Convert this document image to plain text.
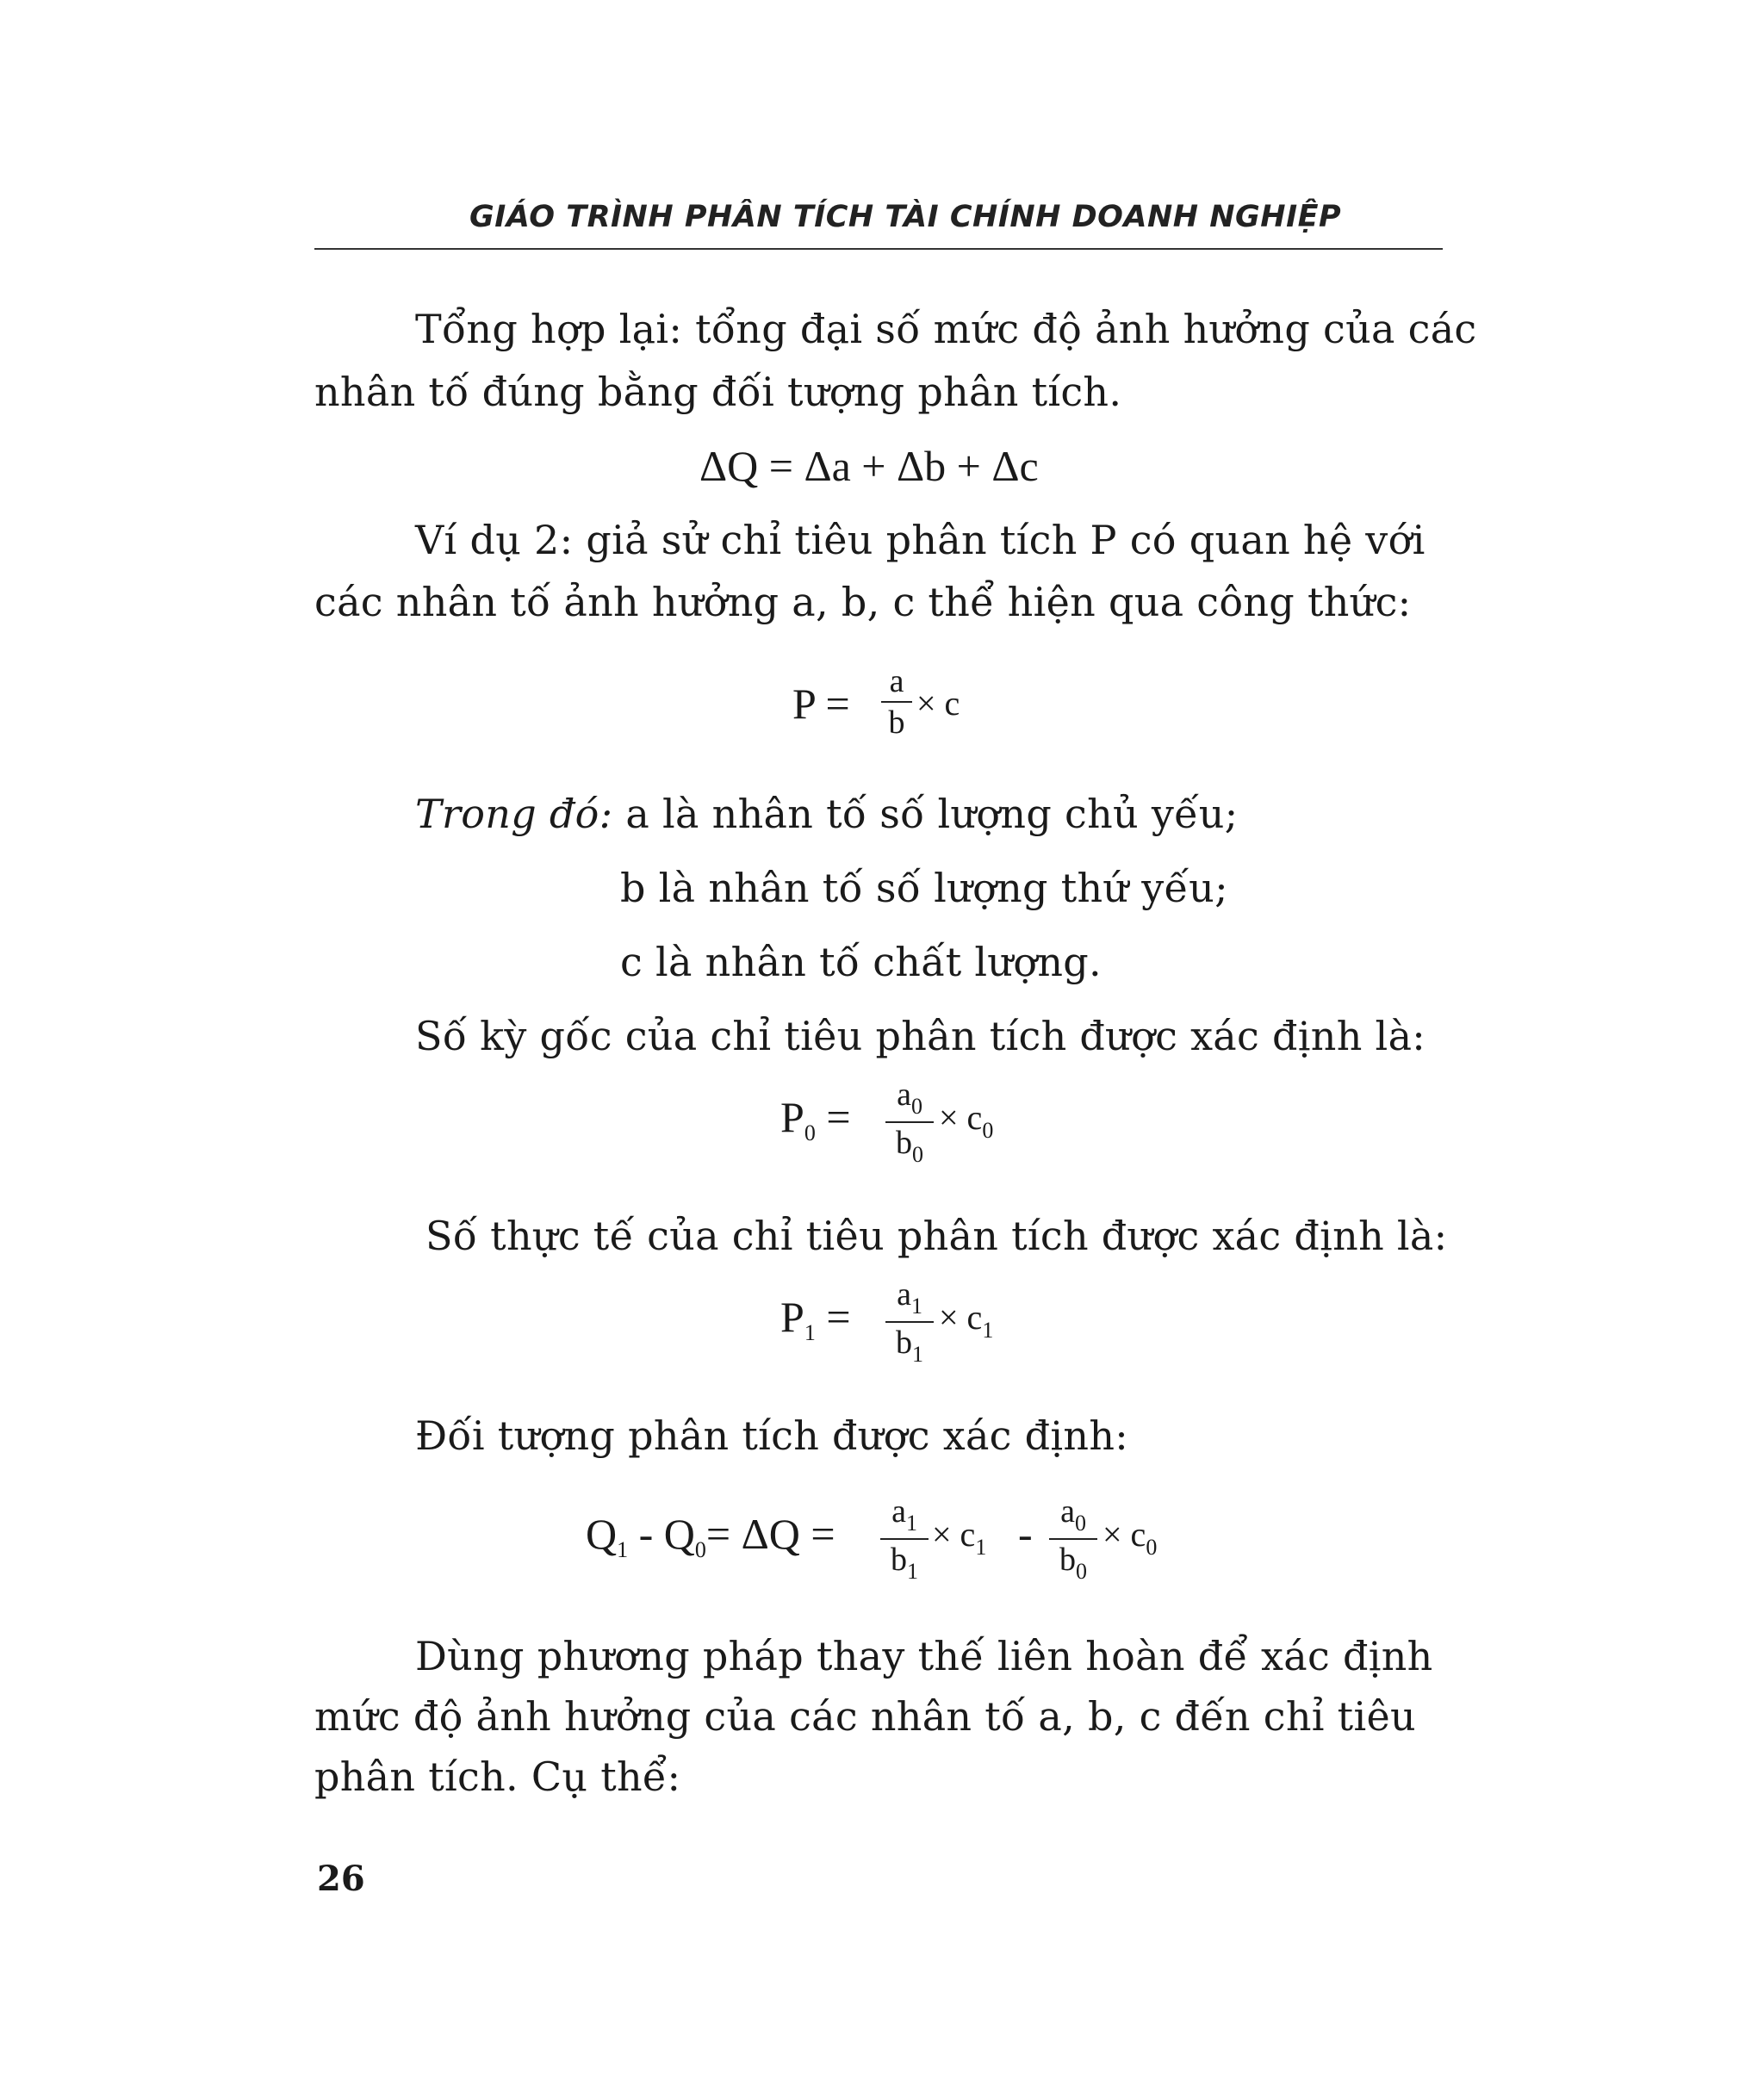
GIÁO TRÌNH PHÂN TÍCH TÀI CHÍNH DOANH NGHIỆP
Tổng hợp lại: tổng đại số mức độ ảnh hưởng của các
nhân tố đúng bằng đối tượng phân tích.
ΔQ = Δa + Δb + Δc
Ví dụ 2: giả sử chỉ tiêu phân tích P có quan hệ với
các nhân tố ảnh hưởng a, b, c thể hiện qua công thức:
P = a
b × c
Trong đó: a là nhân tố số lượng chủ yếu;
b là nhân tố số lượng thứ yếu;
c là nhân tố chất lượng.
Số kỳ gốc của chỉ tiêu phân tích được xác định là:
$P_0$ =	$a_0$
$b_0$
× $c_0$
Số thực tế của chỉ tiêu phân tích được xác định là:
$P_1$ =	$a_1$
$b_1$
× $c_1$
Đối tượng phân tích được xác định:
$Q_1 - Q_0= \Delta Q$ =	$a_1$
$b_1$
× $c_1 - a_0$
$b_0$
× $c_0$
Dùng phương pháp thay thế liên hoàn để xác định
mức độ ảnh hưởng của các nhân tố a, b, c đến chỉ tiêu
phân tích. Cụ thể:
26
